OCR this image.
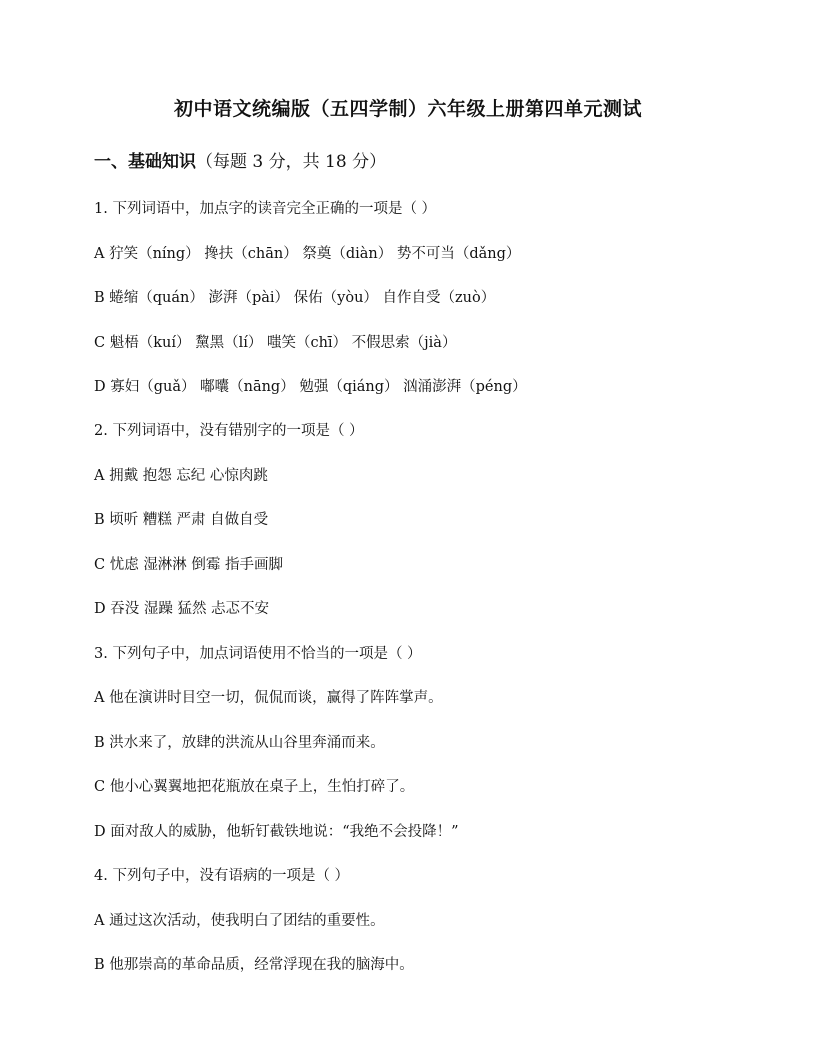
初中语文统编版（五四学制）六年级上册第四单元测试
一、基础知识（每题 3 分，共 18 分）
1. 下列词语中，加点字的读音完全正确的一项是（ ）
A 狞笑（níng） 搀扶（chān） 祭奠（diàn） 势不可当（dǎng）
B 蜷缩（quán） 澎湃（pài） 保佑（yòu） 自作自受（zuò）
C 魁梧（kuí） 黧黑（lí） 嗤笑（chī） 不假思索（jià）
D 寡妇（guǎ） 嘟囔（nāng） 勉强（qiáng） 汹涌澎湃（péng）
2. 下列词语中，没有错别字的一项是（ ）
A 拥戴 抱怨 忘纪 心惊肉跳
B 顷听 糟糕 严肃 自做自受
C 忧虑 湿淋淋 倒霉 指手画脚
D 吞没 湿躁 猛然 忐忑不安
3. 下列句子中，加点词语使用不恰当的一项是（ ）
A 他在演讲时目空一切，侃侃而谈，赢得了阵阵掌声。
B 洪水来了，放肆的洪流从山谷里奔涌而来。
C 他小心翼翼地把花瓶放在桌子上，生怕打碎了。
D 面对敌人的威胁，他斩钉截铁地说：“我绝不会投降！”
4. 下列句子中，没有语病的一项是（ ）
A 通过这次活动，使我明白了团结的重要性。
B 他那崇高的革命品质，经常浮现在我的脑海中。
